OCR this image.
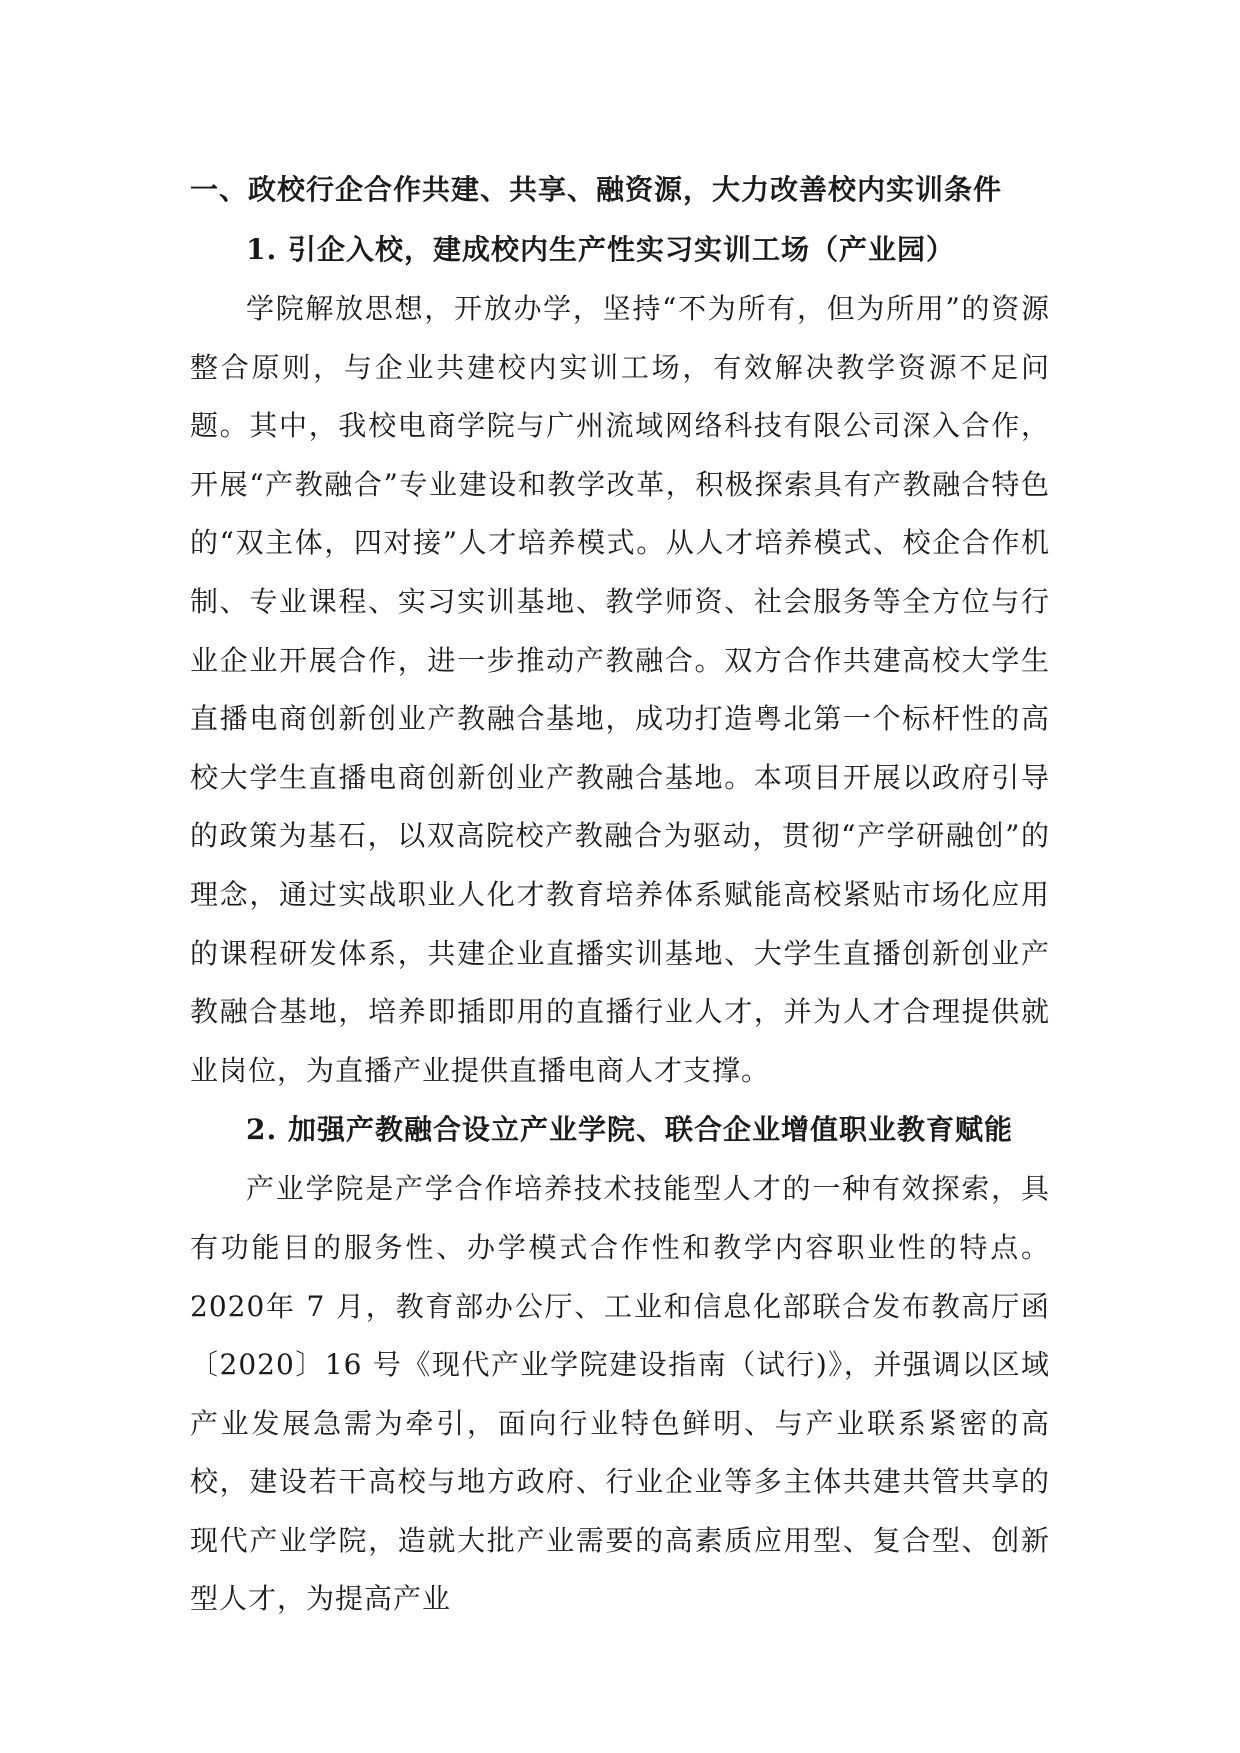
一、政校行企合作共建、共享、融资源，大力改善校内实训条件
1. 引企入校，建成校内生产性实习实训工场（产业园）

学院解放思想，开放办学，坚持“不为所有，但为所用”的资源整合原则，与企业共建校内实训工场，有效解决教学资源不足问题。其中，我校电商学院与广州流域网络科技有限公司深入合作，开展“产教融合”专业建设和教学改革，积极探索具有产教融合特色的“双主体，四对接”人才培养模式。从人才培养模式、校企合作机制、专业课程、实习实训基地、教学师资、社会服务等全方位与行业企业开展合作，进一步推动产教融合。双方合作共建高校大学生直播电商创新创业产教融合基地，成功打造粤北第一个标杆性的高校大学生直播电商创新创业产教融合基地。本项目开展以政府引导的政策为基石，以双高院校产教融合为驱动，贯彻“产学研融创”的理念，通过实战职业人化才教育培养体系赋能高校紧贴市场化应用的课程研发体系，共建企业直播实训基地、大学生直播创新创业产教融合基地，培养即插即用的直播行业人才，并为人才合理提供就业岗位，为直播产业提供直播电商人才支撑。

2. 加强产教融合设立产业学院、联合企业增值职业教育赋能

产业学院是产学合作培养技术技能型人才的一种有效探索，具有功能目的服务性、办学模式合作性和教学内容职业性的特点。2020年 7 月，教育部办公厅、工业和信息化部联合发布教高厅函〔2020〕16 号《现代产业学院建设指南（试行)》，并强调以区域产业发展急需为牵引，面向行业特色鲜明、与产业联系紧密的高校，建设若干高校与地方政府、行业企业等多主体共建共管共享的现代产业学院，造就大批产业需要的高素质应用型、复合型、创新型人才，为提高产业
